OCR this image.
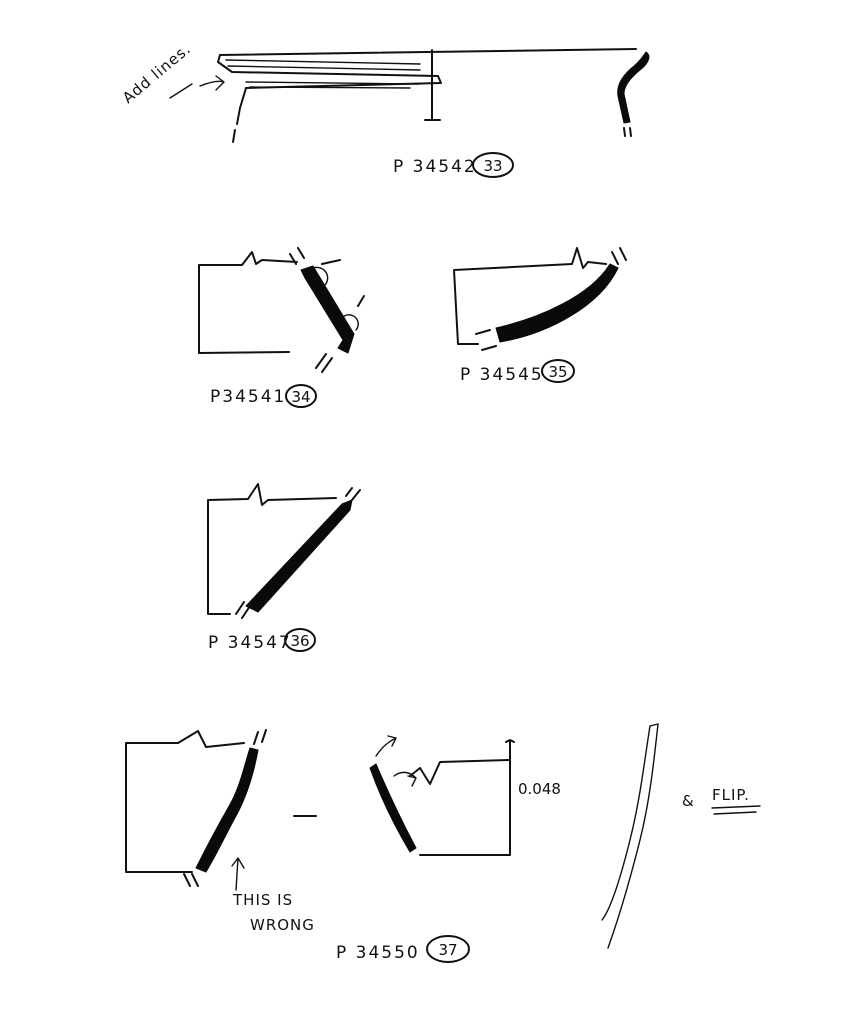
Add lines.
P 34542 33
P34541 34
P 34545 35
P 34547
36
THIS IS
WRONG
0.048
& FLIP.
P 34550 37
